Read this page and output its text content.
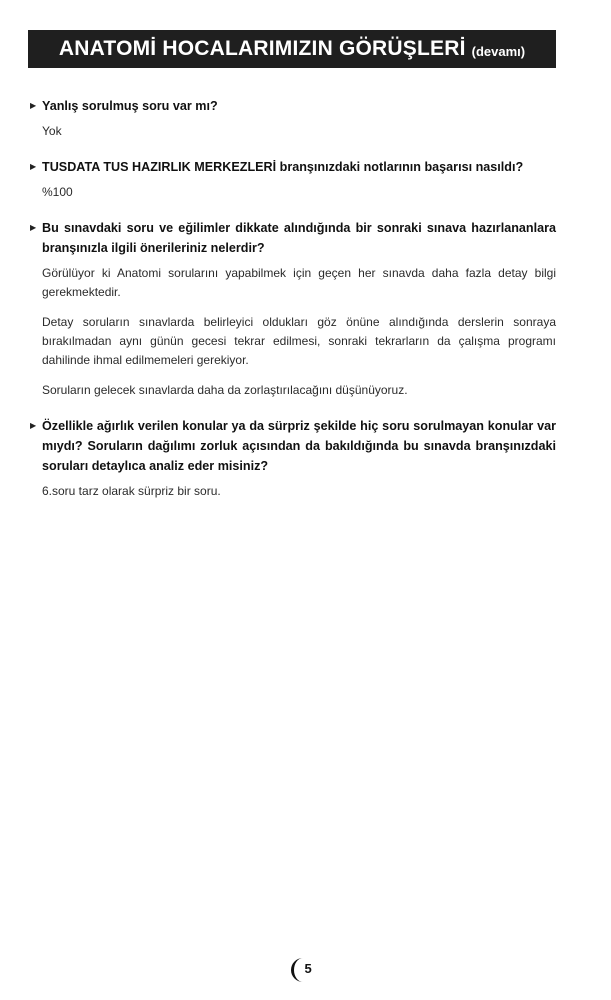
ANATOMİ HOCALARIMIZIN GÖRÜŞLERİ (devamı)
▶ Yanlış sorulmuş soru var mı?
Yok
▶ TUSDATA TUS HAZIRLIK MERKEZLERİ branşınızdaki notlarının başarısı nasıldı?
%100
▶ Bu sınavdaki soru ve eğilimler dikkate alındığında bir sonraki sınava hazırlananlara branşınızla ilgili önerileriniz nelerdir?
Görülüyor ki Anatomi sorularını yapabilmek için geçen her sınavda daha fazla detay bilgi gerekmektedir.
Detay soruların sınavlarda belirleyici oldukları göz önüne alındığında derslerin sonraya bırakılmadan aynı günün gecesi tekrar edilmesi, sonraki tekrarların da çalışma programı dahilinde ihmal edilmemeleri gerekiyor.
Soruların gelecek sınavlarda daha da zorlaştırılacağını düşünüyoruz.
▶ Özellikle ağırlık verilen konular ya da sürpriz şekilde hiç soru sorulmayan konular var mıydı? Soruların dağılımı zorluk açısından da bakıldığında bu sınavda branşınızdaki soruları detaylıca analiz eder misiniz?
6.soru tarz olarak sürpriz bir soru.
5
